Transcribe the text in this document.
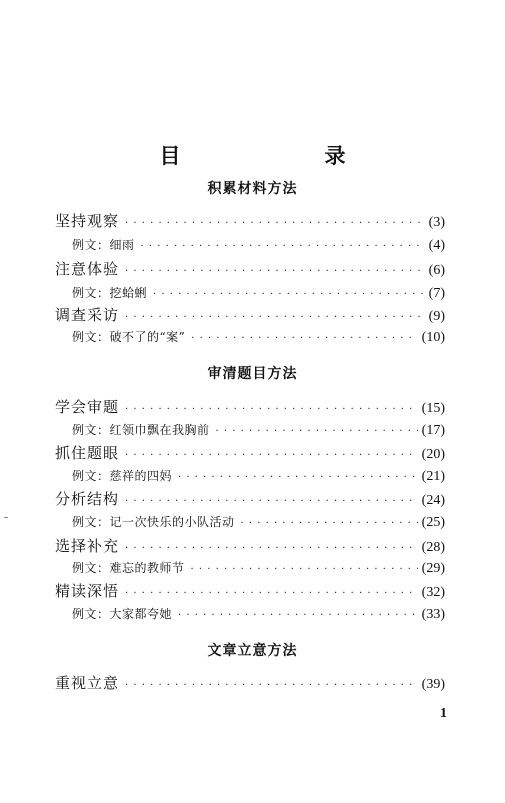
目　　录
积累材料方法
坚持观察 · · ·	(3)
例文：细雨 · · ·	(4)
注意体验 · · ·	(6)
例文：挖蛤蜊 · · ·	(7)
调查采访 · · ·	(9)
例文：破不了的“案” · · ·	(10)
审清题目方法
学会审题 · · ·	(15)
例文：红领巾飘在我胸前 · · ·	(17)
抓住题眼 · · ·	(20)
例文：慈祥的四妈 · · ·	(21)
分析结构 · · ·	(24)
例文：记一次快乐的小队活动 · · ·	(25)
选择补充 · · ·	(28)
例文：难忘的教师节 · · ·	(29)
精读深悟 · · ·	(32)
例文：大家都夸她 · · ·	(33)
文章立意方法
重视立意 · · ·	(39)
1
